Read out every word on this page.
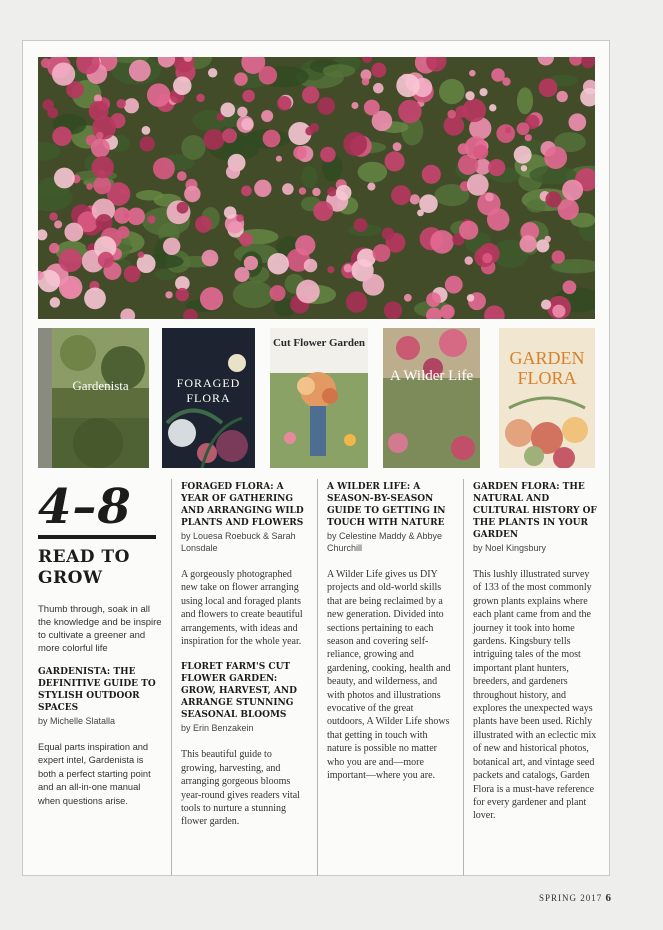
Gardenista	FORAGED FLORA
Cut Flower Garden
A Wilder Life
GARDEN FLORA
4–8
READ TO GROW
Thumb through, soak in all the knowledge and be inspire to cultivate a greener and more colorful life
GARDENISTA: THE DEFINITIVE GUIDE TO STYLISH OUTDOOR SPACES
by Michelle Slatalla
Equal parts inspiration and expert intel, Gardenista is both a perfect starting point and an all-in-one manual when questions arise.
FORAGED FLORA: A YEAR OF GATHERING AND ARRANGING WILD PLANTS AND FLOWERS
by Louesa Roebuck & Sarah Lonsdale
A gorgeously photographed new take on flower arranging using local and foraged plants and flowers to create beautiful arrangements, with ideas and inspiration for the whole year.
FLORET FARM'S CUT FLOWER GARDEN: GROW, HARVEST, AND ARRANGE STUNNING SEASONAL BLOOMS
by Erin Benzakein
This beautiful guide to growing, harvesting, and arranging gorgeous blooms year-round gives readers vital tools to nurture a stunning flower garden.
A WILDER LIFE: A SEASON-BY-SEASON GUIDE TO GETTING IN TOUCH WITH NATURE
by Celestine Maddy & Abbye Churchill
A Wilder Life gives us DIY projects and old-world skills that are being reclaimed by a new generation. Divided into sections pertaining to each season and covering self-reliance, growing and gardening, cooking, health and beauty, and wilderness, and with photos and illustrations evocative of the great outdoors, A Wilder Life shows that getting in touch with nature is possible no matter who you are and—more important—where you are.
GARDEN FLORA: THE NATURAL AND CULTURAL HISTORY OF THE PLANTS IN YOUR GARDEN
by Noel Kingsbury
This lushly illustrated survey of 133 of the most commonly grown plants explains where each plant came from and the journey it took into home gardens. Kingsbury tells intriguing tales of the most important plant hunters, breeders, and gardeners throughout history, and explores the unexpected ways plants have been used. Richly illustrated with an eclectic mix of new and historical photos, botanical art, and vintage seed packets and catalogs, Garden Flora is a must-have reference for every gardener and plant lover.
SPRING 2017 6
